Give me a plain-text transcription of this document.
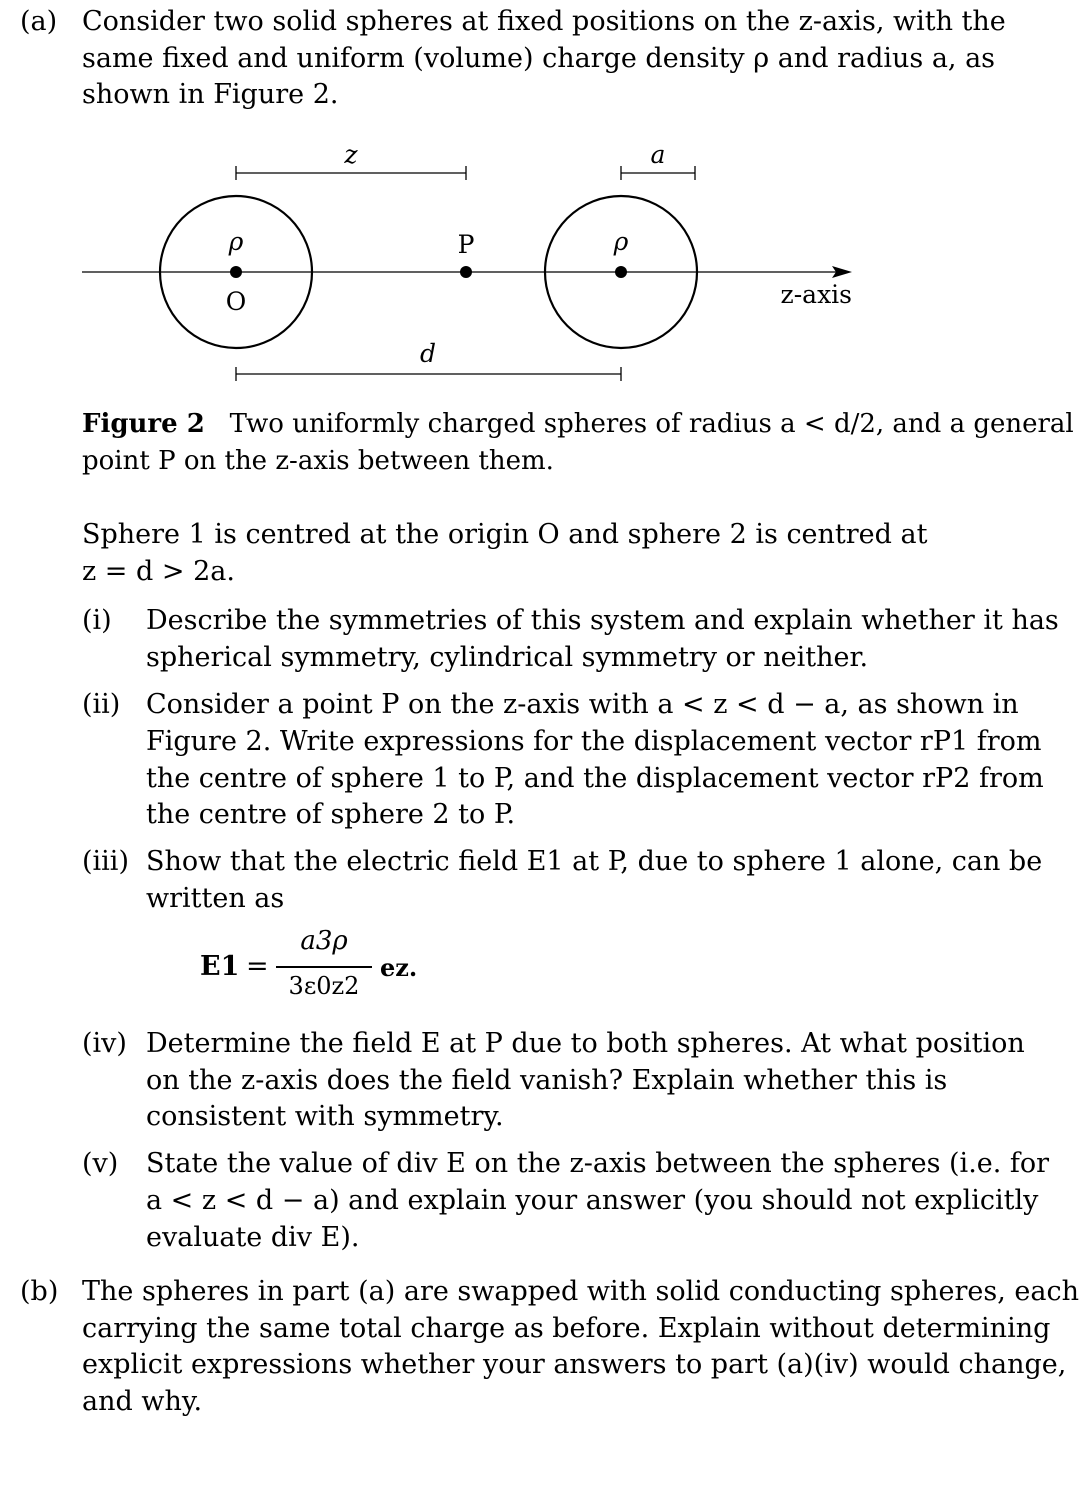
(a) Consider two solid spheres at fixed positions on the z-axis, with the
same fixed and uniform (volume) charge density ρ and radius a, as
shown in Figure 2.
z	a
ρ	ρ
P
O	z-axis
d
Figure 2 Two uniformly charged spheres of radius a < d/2, and a general
point P on the z-axis between them.
Sphere 1 is centred at the origin O and sphere 2 is centred at
z = d > 2a.
(i) Describe the symmetries of this system and explain whether it has
spherical symmetry, cylindrical symmetry or neither.
(ii) Consider a point P on the z-axis with a < z < d − a, as shown in
Figure 2. Write expressions for the displacement vector rP1 from
the centre of sphere 1 to P, and the displacement vector rP2 from
the centre of sphere 2 to P.
(iii) Show that the electric field E1 at P, due to sphere 1 alone, can be
written as
E1 =
a3ρ
3ε0z2
ez.
(iv) Determine the field E at P due to both spheres. At what position
on the z-axis does the field vanish? Explain whether this is
consistent with symmetry.
(v) State the value of div E on the z-axis between the spheres (i.e. for
a < z < d − a) and explain your answer (you should not explicitly
evaluate div E).
(b) The spheres in part (a) are swapped with solid conducting spheres, each
carrying the same total charge as before. Explain without determining
explicit expressions whether your answers to part (a)(iv) would change,
and why.
